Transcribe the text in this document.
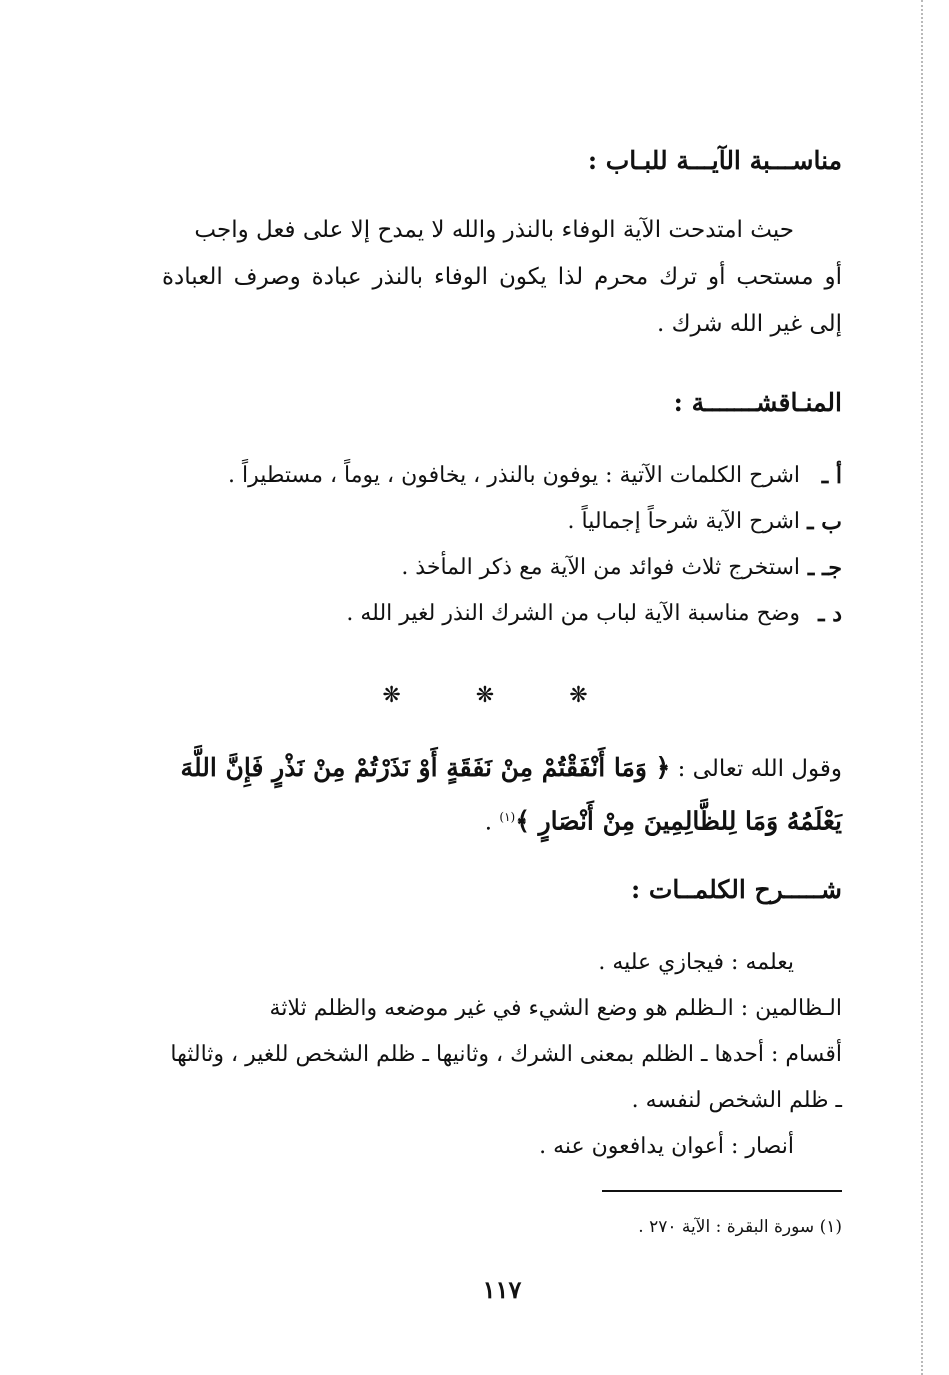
مناســـبة الآيـــة للبـاب :
حيث امتدحت الآية الوفاء بالنذر والله لا يمدح إلا على فعل واجب
أو مستحب أو ترك محرم لذا يكون الوفاء بالنذر عبادة وصرف العبادة إلى غير الله شرك .
المنـاقشـــــــة :
أ ـ
اشرح الكلمات الآتية : يوفون بالنذر ، يخافون ، يوماً ، مستطيراً .
ب ـ
اشرح الآية شرحاً إجمالياً .
جـ ـ
استخرج ثلاث فوائد من الآية مع ذكر المأخذ .
د ـ
وضح مناسبة الآية لباب من الشرك النذر لغير الله .
❋ ❋ ❋
وقول الله تعالى : ﴿ وَمَا أَنْفَقْتُمْ مِنْ نَفَقَةٍ أَوْ نَذَرْتُمْ مِنْ نَذْرٍ فَإِنَّ اللَّهَ يَعْلَمُهُ وَمَا لِلظَّالِمِينَ مِنْ أَنْصَارٍ ﴾$^{(١)}$ .
شـــــرح الكلمــات :
يعلمه : فيجازي عليه .
الـظالمين : الـظلم هو وضع الشيء في غير موضعه والظلم ثلاثة
أقسام : أحدها ـ الظلم بمعنى الشرك ، وثانيها ـ ظلم الشخص للغير ، وثالثها ـ ظلم الشخص لنفسه .
أنصار : أعوان يدافعون عنه .
(١) سورة البقرة : الآية ٢٧٠ .
١١٧
